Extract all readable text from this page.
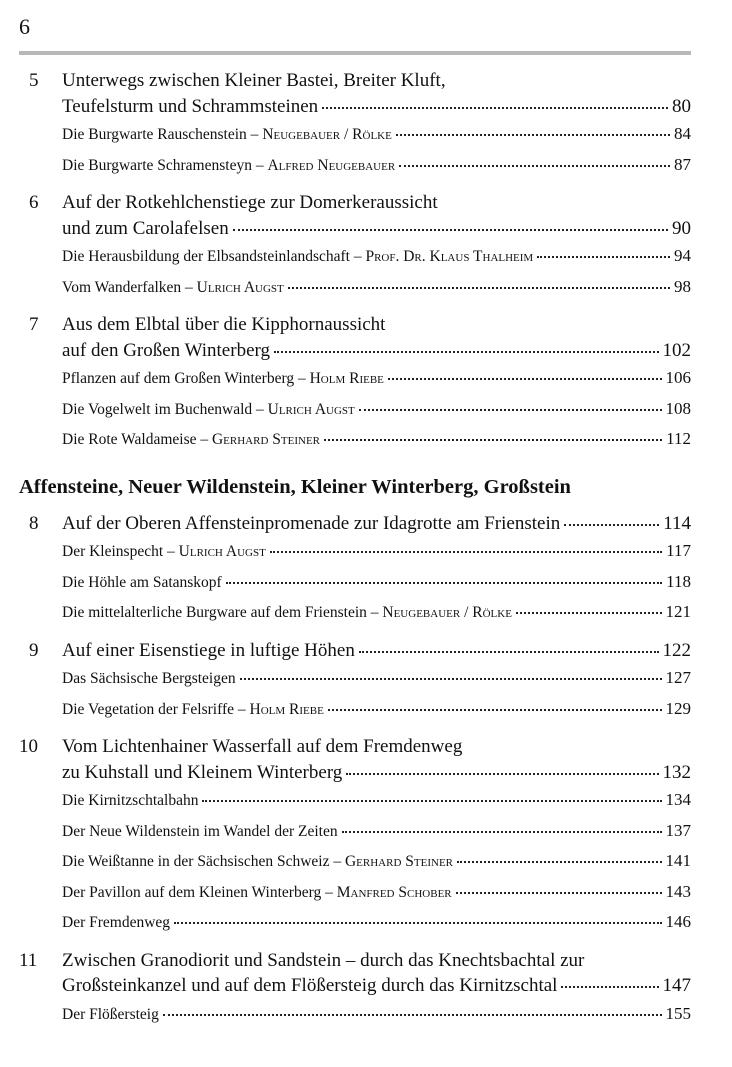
6
5	Unterwegs zwischen Kleiner Bastei, Breiter Kluft,
Teufelsturm und Schrammsteinen	80
Die Burgwarte Rauschenstein – Neugebauer / Rölke	84
Die Burgwarte Schramensteyn – Alfred Neugebauer	87
6	Auf der Rotkehlchenstiege zur Domerkeraussicht
und zum Carolafelsen	90
Die Herausbildung der Elbsandsteinlandschaft – Prof. Dr. Klaus Thalheim	94
Vom Wanderfalken – Ulrich Augst	98
7	Aus dem Elbtal über die Kipphornaussicht
auf den Großen Winterberg	102
Pflanzen auf dem Großen Winterberg – Holm Riebe	106
Die Vogelwelt im Buchenwald – Ulrich Augst	108
Die Rote Waldameise – Gerhard Steiner	112
Affensteine, Neuer Wildenstein, Kleiner Winterberg, Großstein
8	Auf der Oberen Affensteinpromenade zur Idagrotte am Frienstein	114
Der Kleinspecht – Ulrich Augst	117
Die Höhle am Satanskopf	118
Die mittelalterliche Burgware auf dem Frienstein – Neugebauer / Rölke	121
9	Auf einer Eisenstiege in luftige Höhen	122
Das Sächsische Bergsteigen	127
Die Vegetation der Felsriffe – Holm Riebe	129
10	Vom Lichtenhainer Wasserfall auf dem Fremdenweg
zu Kuhstall und Kleinem Winterberg	132
Die Kirnitzschtalbahn	134
Der Neue Wildenstein im Wandel der Zeiten	137
Die Weißtanne in der Sächsischen Schweiz – Gerhard Steiner	141
Der Pavillon auf dem Kleinen Winterberg – Manfred Schober	143
Der Fremdenweg	146
11	Zwischen Granodiorit und Sandstein – durch das Knechtsbachtal zur
Großsteinkanzel und auf dem Flößersteig durch das Kirnitzschtal	147
Der Flößersteig	155
